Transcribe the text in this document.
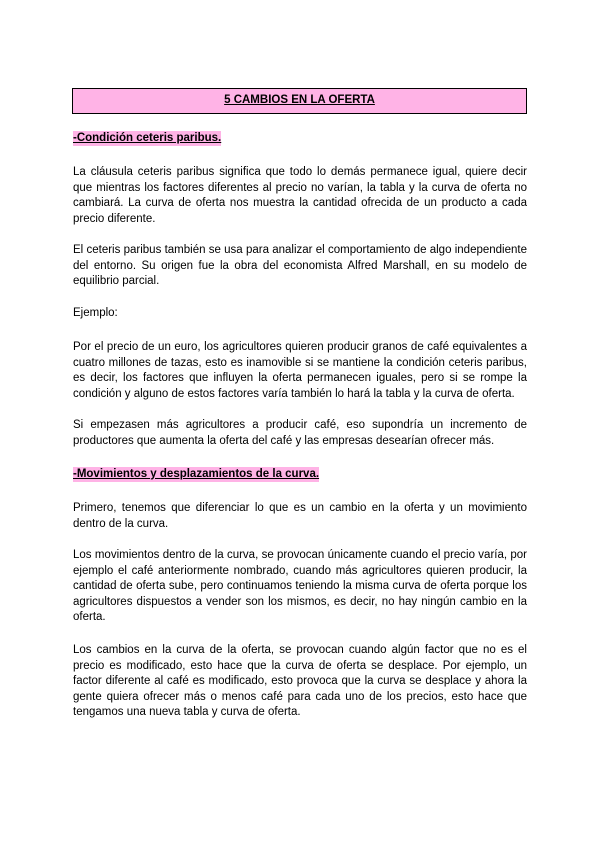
5 CAMBIOS EN LA OFERTA
-Condición ceteris paribus.
La cláusula ceteris paribus significa que todo lo demás permanece igual, quiere decir que mientras los factores diferentes al precio no varían, la tabla y la curva de oferta no cambiará. La curva de oferta nos muestra la cantidad ofrecida de un producto a cada precio diferente.
El ceteris paribus también se usa para analizar el comportamiento de algo independiente del entorno. Su origen fue la obra del economista Alfred Marshall, en su modelo de equilibrio parcial.
Ejemplo:
Por el precio de un euro, los agricultores quieren producir granos de café equivalentes a cuatro millones de tazas, esto es inamovible si se mantiene la condición ceteris paribus, es decir, los factores que influyen la oferta permanecen iguales, pero si se rompe la condición y alguno de estos factores varía también lo hará la tabla y la curva de oferta.
Si empezasen más agricultores a producir café, eso supondría un incremento de productores que aumenta la oferta del café y las empresas desearían ofrecer más.
-Movimientos y desplazamientos de la curva.
Primero, tenemos que diferenciar lo que es un cambio en la oferta y un movimiento dentro de la curva.
Los movimientos dentro de la curva, se provocan únicamente cuando el precio varía, por ejemplo el café anteriormente nombrado, cuando más agricultores quieren producir, la cantidad de oferta sube, pero continuamos teniendo la misma curva de oferta porque los agricultores dispuestos a vender son los mismos, es decir, no hay ningún cambio en la oferta.
Los cambios en la curva de la oferta, se provocan cuando algún factor que no es el precio es modificado, esto hace que la curva de oferta se desplace. Por ejemplo, un factor diferente al café es modificado, esto provoca que la curva se desplace y ahora la gente quiera ofrecer más o menos café para cada uno de los precios, esto hace que tengamos una nueva tabla y curva de oferta.
